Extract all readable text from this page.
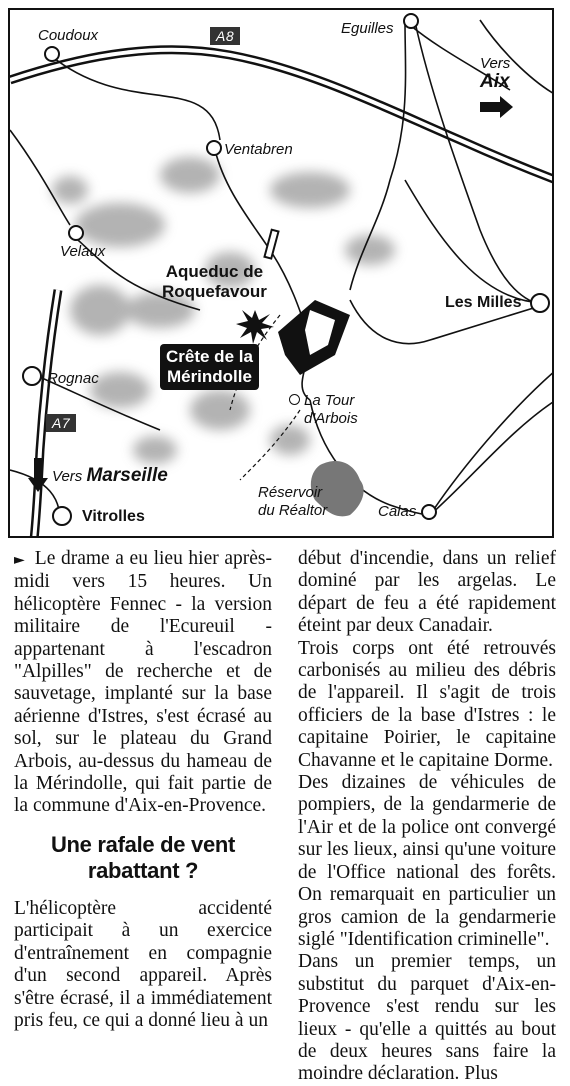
A8
A7
Coudoux	Eguilles
Ventabren
Velaux
Les Milles
Rognac
La Tour
d'Arbois
Réservoir
du Réaltor	Calas
Vitrolles
Aqueduc de
Roquefavour
Crête de la
Mérindolle
Vers
Aix
Vers Marseille

► Le drame a eu lieu hier après-midi vers 15 heures. Un hélicoptère Fennec - la version militaire de l'Ecureuil - appartenant à l'escadron "Alpilles" de recherche et de sauvetage, implanté sur la base aérienne d'Istres, s'est écrasé au sol, sur le plateau du Grand Arbois, au-dessus du hameau de la Mérindolle, qui fait partie de la commune d'Aix-en-Provence.

Une rafale de vent rabattant ?

L'hélicoptère accidenté participait à un exercice d'entraînement en compagnie d'un second appareil. Après s'être écrasé, il a immédiatement pris feu, ce qui a donné lieu à un

début d'incendie, dans un relief dominé par les argelas. Le départ de feu a été rapidement éteint par deux Canadair.

Trois corps ont été retrouvés carbonisés au milieu des débris de l'appareil. Il s'agit de trois officiers de la base d'Istres : le capitaine Poirier, le capitaine Chavanne et le capitaine Dorme.

Des dizaines de véhicules de pompiers, de la gendarmerie de l'Air et de la police ont convergé sur les lieux, ainsi qu'une voiture de l'Office national des forêts. On remarquait en particulier un gros camion de la gendarmerie siglé "Identification criminelle".

Dans un premier temps, un substitut du parquet d'Aix-en-Provence s'est rendu sur les lieux - qu'elle a quittés au bout de deux heures sans faire la moindre déclaration. Plus
